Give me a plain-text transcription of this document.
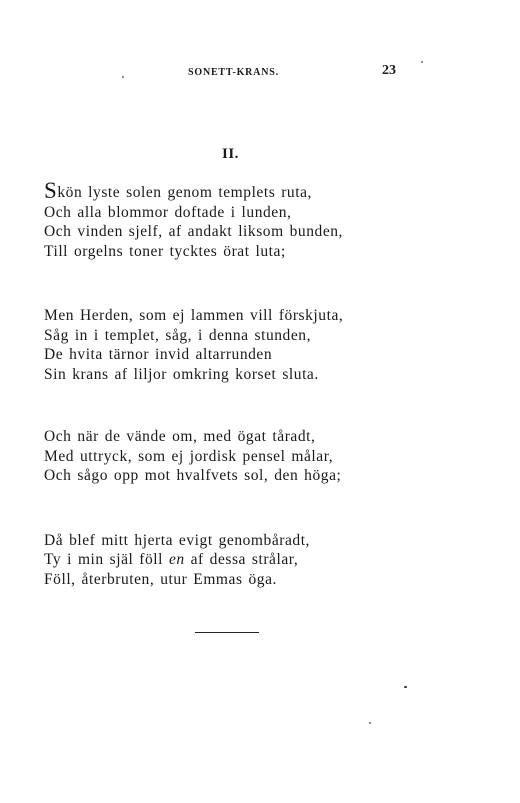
SONETT-KRANS.	23
II.
Skön lyste solen genom templets ruta,
Och alla blommor doftade i lunden,
Och vinden sjelf, af andakt liksom bunden,
Till orgelns toner tycktes örat luta;
Men Herden, som ej lammen vill förskjuta,
Såg in i templet, såg, i denna stunden,
De hvita tärnor invid altarrunden
Sin krans af liljor omkring korset sluta.
Och när de vände om, med ögat tåradt,
Med uttryck, som ej jordisk pensel målar,
Och sågo opp mot hvalfvets sol, den höga;
Då blef mitt hjerta evigt genombåradt,
Ty i min själ föll en af dessa strålar,
Föll, återbruten, utur Emmas öga.
